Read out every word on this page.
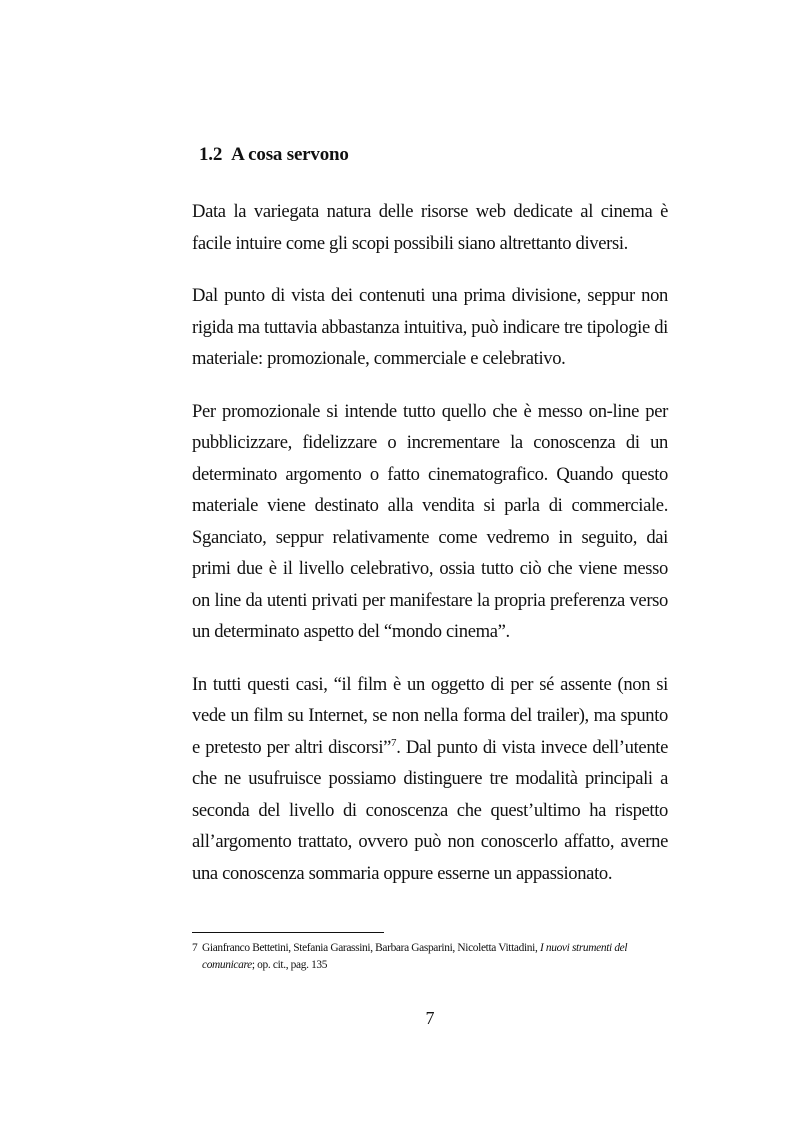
1.2 A cosa servono

Data la variegata natura delle risorse web dedicate al cinema è facile intuire come gli scopi possibili siano altrettanto diversi.

Dal punto di vista dei contenuti una prima divisione, seppur non rigida ma tuttavia abbastanza intuitiva, può indicare tre tipologie di materiale: promozionale, commerciale e celebrativo.

Per promozionale si intende tutto quello che è messo on-line per pubblicizzare, fidelizzare o incrementare la conoscenza di un determinato argomento o fatto cinematografico. Quando questo materiale viene destinato alla vendita si parla di commerciale. Sganciato, seppur relativamente come vedremo in seguito, dai primi due è il livello celebrativo, ossia tutto ciò che viene messo on line da utenti privati per manifestare la propria preferenza verso un determinato aspetto del “mondo cinema”.

In tutti questi casi, “il film è un oggetto di per sé assente (non si vede un film su Internet, se non nella forma del trailer), ma spunto e pretesto per altri discorsi”$^7$. Dal punto di vista invece dell’utente che ne usufruisce possiamo distinguere tre modalità principali a seconda del livello di conoscenza che quest’ultimo ha rispetto all’argomento trattato, ovvero può non conoscerlo affatto, averne una conoscenza sommaria oppure esserne un appassionato.

7 Gianfranco Bettetini, Stefania Garassini, Barbara Gasparini, Nicoletta Vittadini, I nuovi strumenti del
comunicare; op. cit., pag. 135

7
